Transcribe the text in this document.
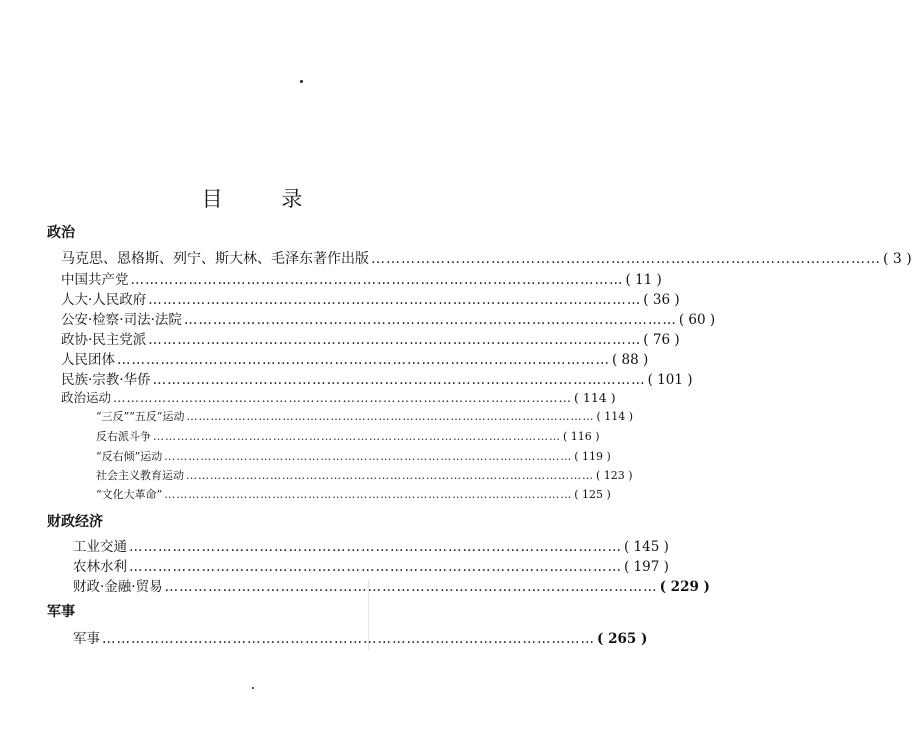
目 录
政治
财政经济
军事
马克思、恩格斯、列宁、斯大林、毛泽东著作出版 ………………………………………………………………………………………… ( 3 )
中国共产党 ………………………………………………………………………………………… ( 11 )
人大·人民政府 ………………………………………………………………………………………… ( 36 )
公安·检察·司法·法院 ………………………………………………………………………………………… ( 60 )
政协·民主党派 ………………………………………………………………………………………… ( 76 )
人民团体 ………………………………………………………………………………………… ( 88 )
民族·宗教·华侨 ………………………………………………………………………………………… ( 101 )
政治运动 ………………………………………………………………………………………… ( 114 )
“三反”“五反”运动 ………………………………………………………………………………………… ( 114 )
反右派斗争 ………………………………………………………………………………………… ( 116 )
“反右倾”运动 ………………………………………………………………………………………… ( 119 )
社会主义教育运动 ………………………………………………………………………………………… ( 123 )
“文化大革命” ………………………………………………………………………………………… ( 125 )
工业交通 ………………………………………………………………………………………… ( 145 )
农林水利 ………………………………………………………………………………………… ( 197 )
财政·金融·贸易 ………………………………………………………………………………………… ( 229 )
军事 ………………………………………………………………………………………… ( 265 )
